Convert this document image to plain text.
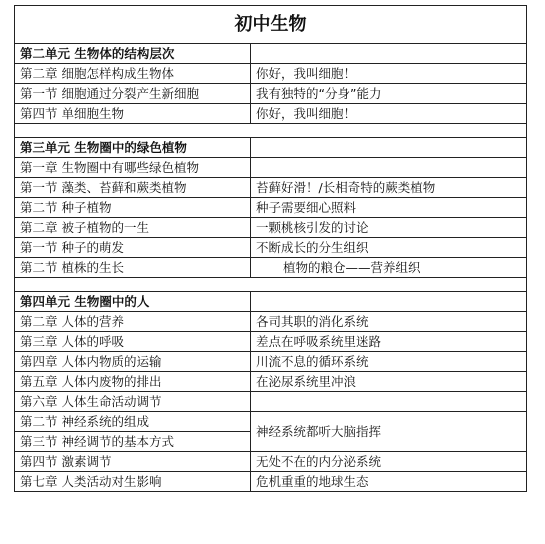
初中生物	
第二单元 生物体的结构层次	
第二章 细胞怎样构成生物体	你好，我叫细胞！
第一节 细胞通过分裂产生新细胞	我有独特的“分身”能力
第四节 单细胞生物	你好，我叫细胞！

第三单元 生物圈中的绿色植物	
第一章 生物圈中有哪些绿色植物	
第一节 藻类、苔藓和蕨类植物	苔藓好滑！/长相奇特的蕨类植物
第二节 种子植物	种子需要细心照料
第二章 被子植物的一生	一颗桃核引发的讨论
第一节 种子的萌发	不断成长的分生组织
第二节 植株的生长	植物的粮仓——营养组织

第四单元 生物圈中的人	
第二章 人体的营养	各司其职的消化系统
第三章 人体的呼吸	差点在呼吸系统里迷路
第四章 人体内物质的运输	川流不息的循环系统
第五章 人体内废物的排出	在泌尿系统里冲浪
第六章 人体生命活动调节	
第二节 神经系统的组成	神经系统都听大脑指挥
第三节 神经调节的基本方式	
第四节 激素调节	无处不在的内分泌系统
第七章 人类活动对生影响	危机重重的地球生态
